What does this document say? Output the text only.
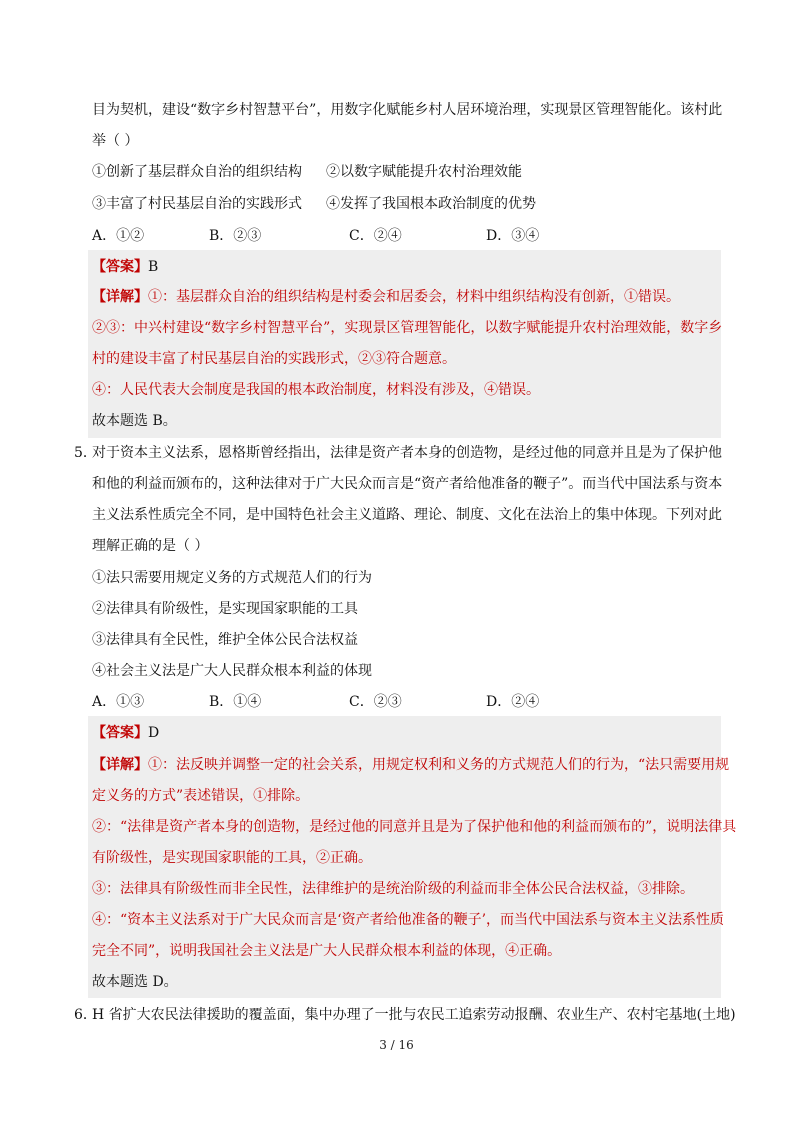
目为契机，建设“数字乡村智慧平台”，用数字化赋能乡村人居环境治理，实现景区管理智能化。该村此
举（ ）
①创新了基层群众自治的组织结构 ②以数字赋能提升农村治理效能
③丰富了村民基层自治的实践形式 ④发挥了我国根本政治制度的优势
A．①②	B．②③	C．②④	D．③④
【答案】B
【详解】①：基层群众自治的组织结构是村委会和居委会，材料中组织结构没有创新，①错误。
②③：中兴村建设“数字乡村智慧平台”，实现景区管理智能化，以数字赋能提升农村治理效能，数字乡
村的建设丰富了村民基层自治的实践形式，②③符合题意。
④：人民代表大会制度是我国的根本政治制度，材料没有涉及，④错误。
故本题选 B。
5．
对于资本主义法系，恩格斯曾经指出，法律是资产者本身的创造物，是经过他的同意并且是为了保护他
和他的利益而颁布的，这种法律对于广大民众而言是“资产者给他准备的鞭子”。而当代中国法系与资本
主义法系性质完全不同，是中国特色社会主义道路、理论、制度、文化在法治上的集中体现。下列对此
理解正确的是（ ）
①法只需要用规定义务的方式规范人们的行为
②法律具有阶级性，是实现国家职能的工具
③法律具有全民性，维护全体公民合法权益
④社会主义法是广大人民群众根本利益的体现
A．①③	B．①④	C．②③	D．②④
【答案】D
【详解】①：法反映并调整一定的社会关系，用规定权利和义务的方式规范人们的行为，“法只需要用规
定义务的方式”表述错误，①排除。
②：“法律是资产者本身的创造物，是经过他的同意并且是为了保护他和他的利益而颁布的”，说明法律具
有阶级性，是实现国家职能的工具，②正确。
③：法律具有阶级性而非全民性，法律维护的是统治阶级的利益而非全体公民合法权益，③排除。
④：“资本主义法系对于广大民众而言是‘资产者给他准备的鞭子’，而当代中国法系与资本主义法系性质
完全不同”，说明我国社会主义法是广大人民群众根本利益的体现，④正确。
故本题选 D。
6．
H 省扩大农民法律援助的覆盖面，集中办理了一批与农民工追索劳动报酬、农业生产、农村宅基地(土地)
3 / 16
